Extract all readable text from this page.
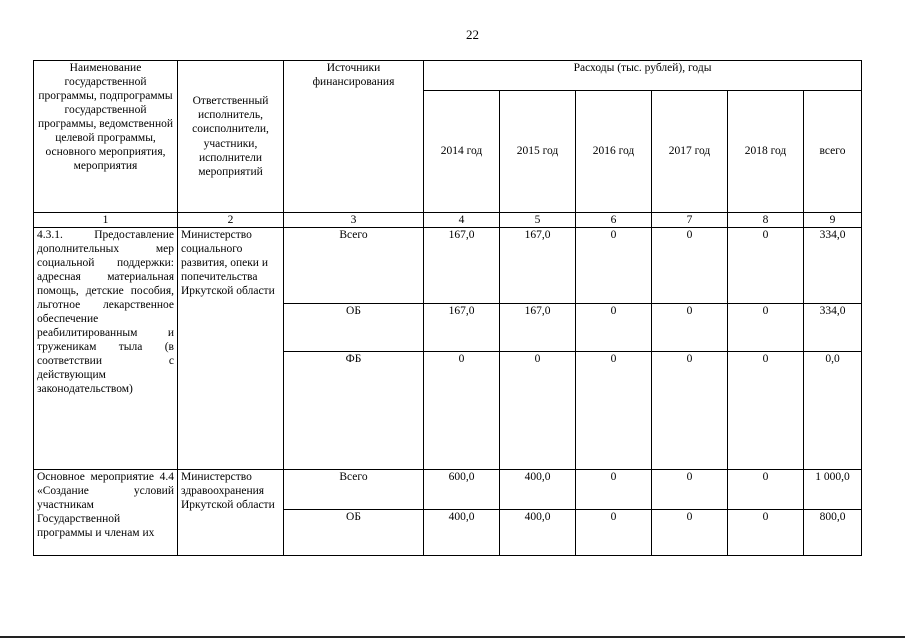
22
Наименование государственной программы, подпрограммы государственной программы, ведомственной целевой программы, основного мероприятия, мероприятия	Ответственный исполнитель, соисполнители, участники, исполнители мероприятий	Источники финансирования	Расходы (тыс. рублей), годы					
			2014 год	2015 год	2016 год	2017 год	2018 год	всего
1	2	3	4	5	6	7	8	9
4.3.1. Предоставление дополнительных мер социальной поддержки: адресная материальная помощь, детские пособия, льготное лекарственное обеспечение реабилитированным и труженикам тыла (в соответствии с действующим законодательством)	Министерство социального развития, опеки и попечительства Иркутской области	Всего	167,0	167,0	0	0	0	334,0
		ОБ	167,0	167,0	0	0	0	334,0
		ФБ	0	0	0	0	0	0,0
Основное мероприятие 4.4 «Создание условий участникам Государственной программы и членам их	Министерство здравоохранения Иркутской области	Всего	600,0	400,0	0	0	0	1 000,0
		ОБ	400,0	400,0	0	0	0	800,0
